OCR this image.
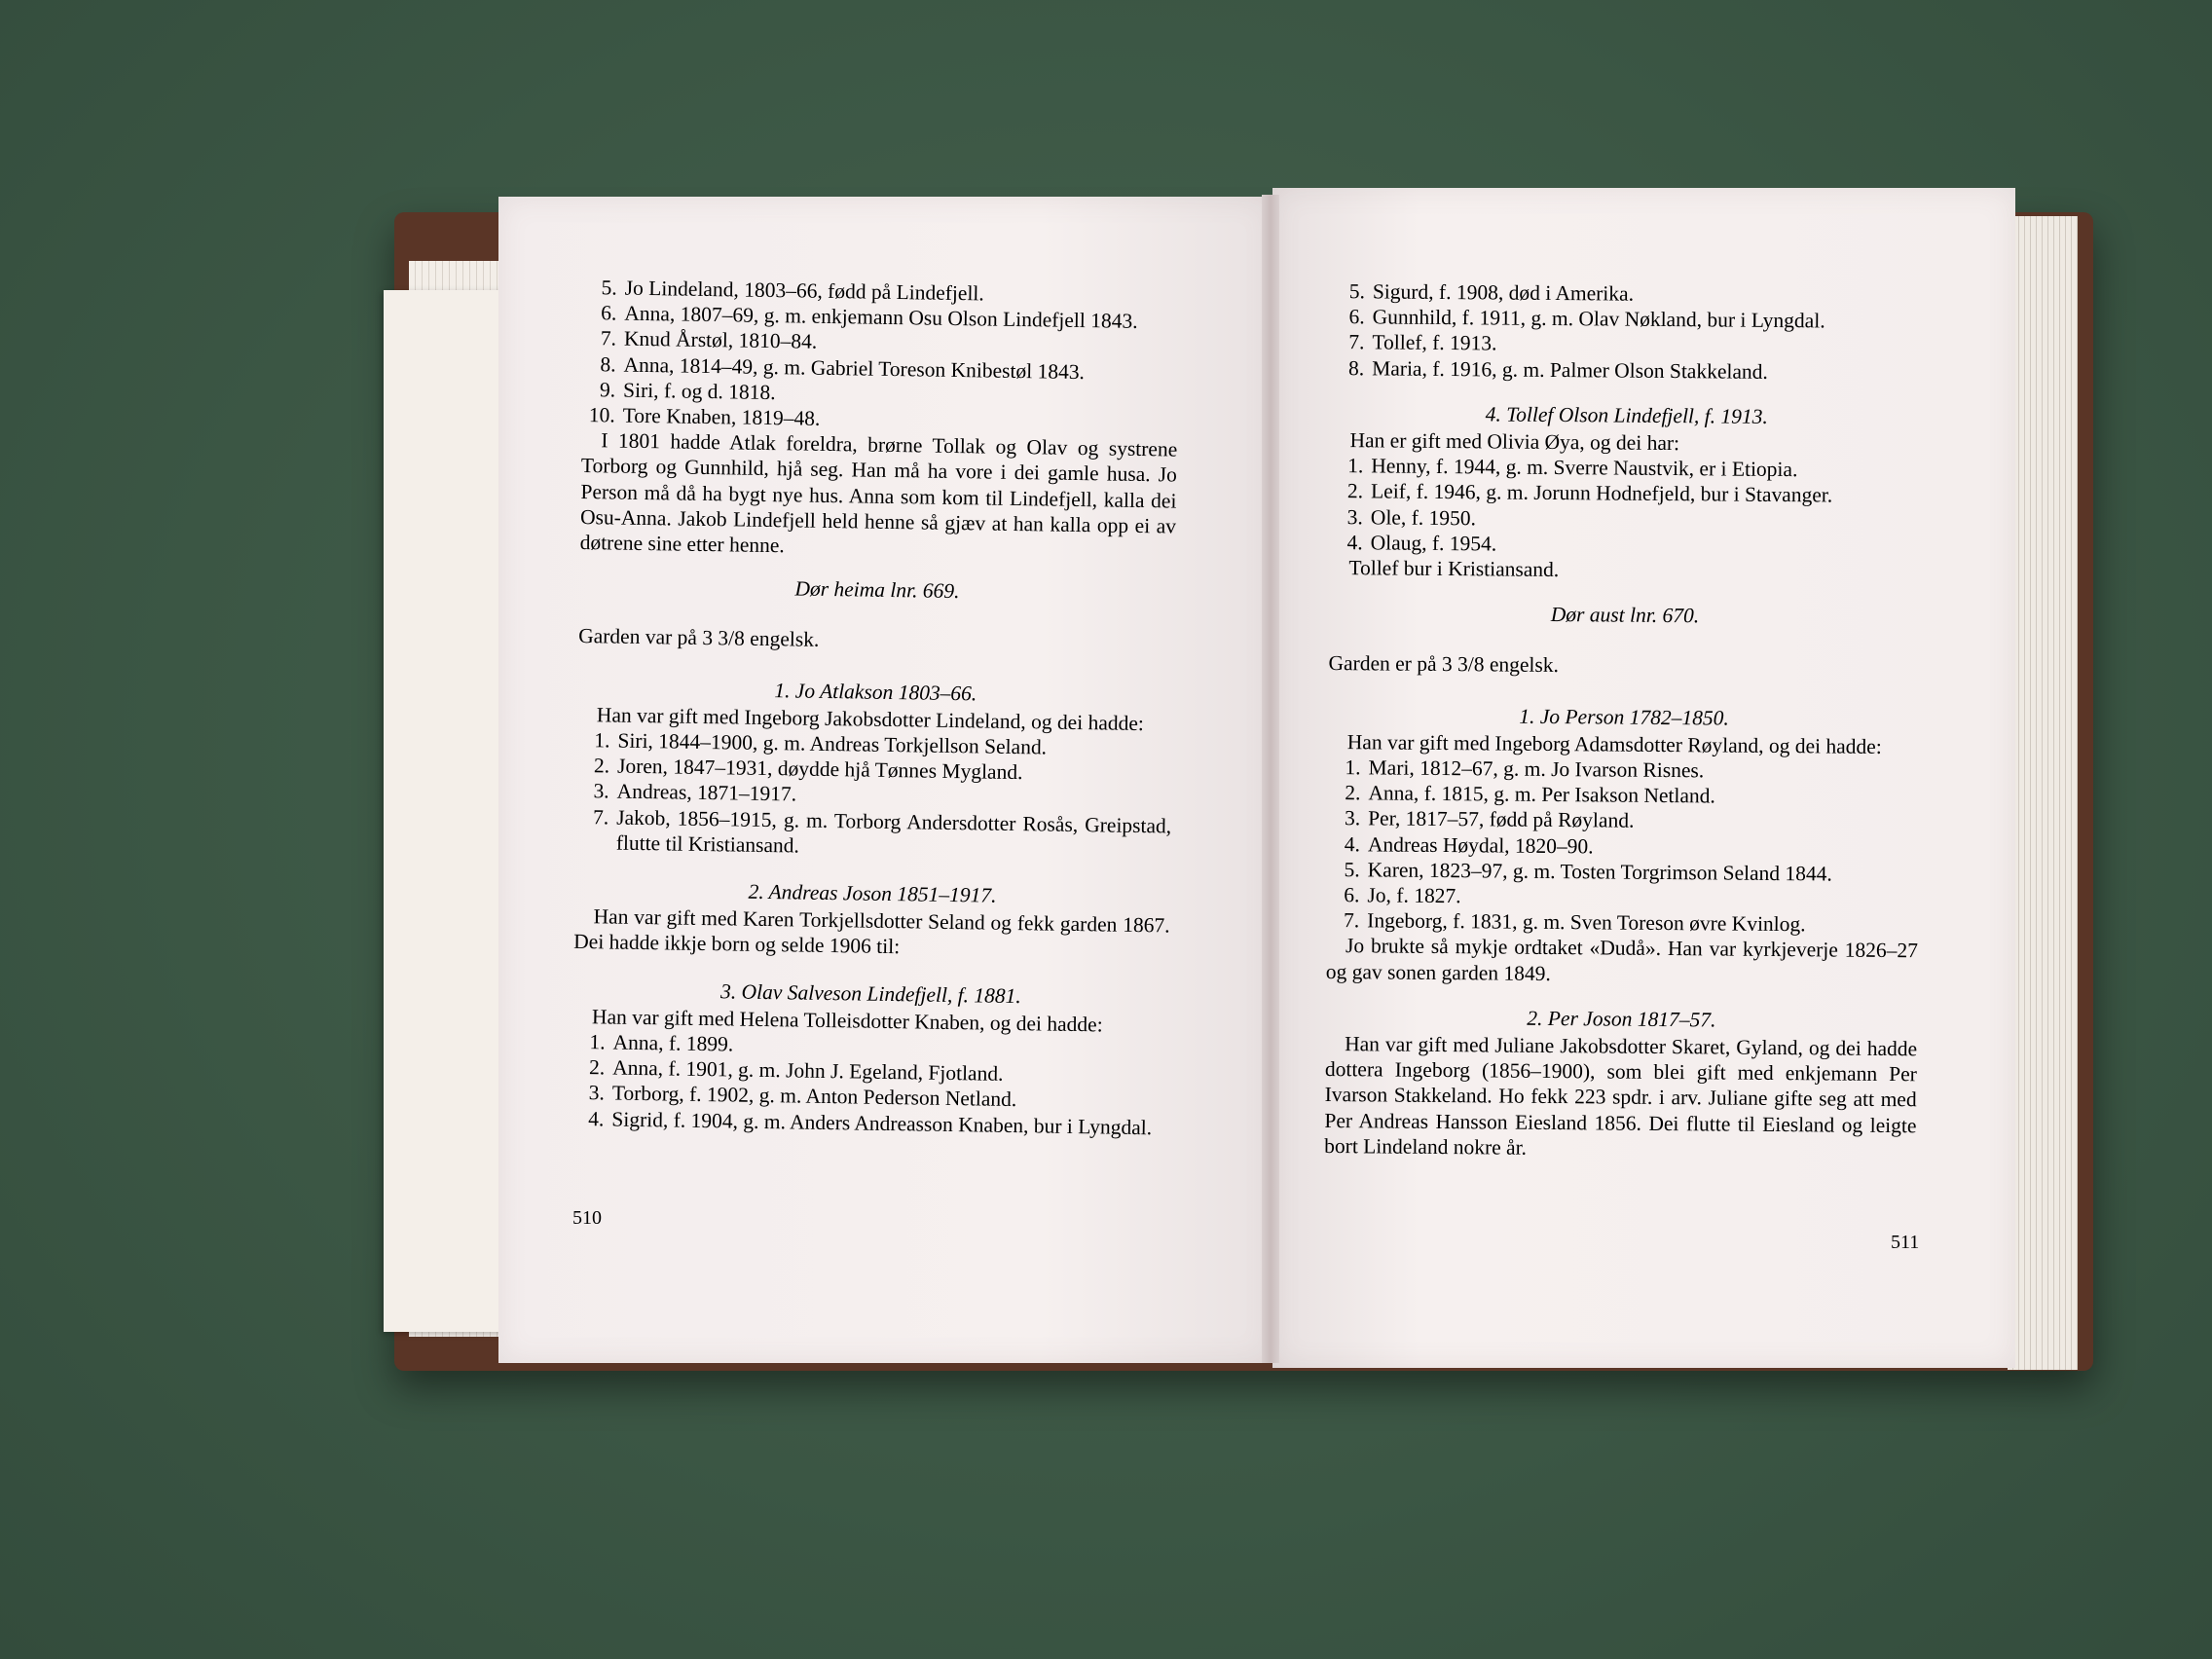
5. Jo Lindeland, 1803–66, fødd på Lindefjell.
6. Anna, 1807–69, g. m. enkjemann Osu Olson Lindefjell 1843.
7. Knud Årstøl, 1810–84.
8. Anna, 1814–49, g. m. Gabriel Toreson Knibestøl 1843.
9. Siri, f. og d. 1818.
10. Tore Knaben, 1819–48.
I 1801 hadde Atlak foreldra, brørne Tollak og Olav og systrene Torborg og Gunnhild, hjå seg. Han må ha vore i dei gamle husa. Jo Person må då ha bygt nye hus. Anna som kom til Lindefjell, kalla dei Osu-Anna. Jakob Lindefjell held henne så gjæv at han kalla opp ei av døtrene sine etter henne.
Dør heima lnr. 669.
Garden var på 3 3/8 engelsk.
1. Jo Atlakson 1803–66.
Han var gift med Ingeborg Jakobsdotter Lindeland, og dei hadde:
1. Siri, 1844–1900, g. m. Andreas Torkjellson Seland.
2. Joren, 1847–1931, døydde hjå Tønnes Mygland.
3. Andreas, 1871–1917.
7. Jakob, 1856–1915, g. m. Torborg Andersdotter Rosås, Greipstad, flutte til Kristiansand.
2. Andreas Joson 1851–1917.
Han var gift med Karen Torkjellsdotter Seland og fekk garden 1867. Dei hadde ikkje born og selde 1906 til:
3. Olav Salveson Lindefjell, f. 1881.
Han var gift med Helena Tolleisdotter Knaben, og dei hadde:
1. Anna, f. 1899.
2. Anna, f. 1901, g. m. John J. Egeland, Fjotland.
3. Torborg, f. 1902, g. m. Anton Pederson Netland.
4. Sigrid, f. 1904, g. m. Anders Andreasson Knaben, bur i Lyngdal.
510
5. Sigurd, f. 1908, død i Amerika.
6. Gunnhild, f. 1911, g. m. Olav Nøkland, bur i Lyngdal.
7. Tollef, f. 1913.
8. Maria, f. 1916, g. m. Palmer Olson Stakkeland.
4. Tollef Olson Lindefjell, f. 1913.
Han er gift med Olivia Øya, og dei har:
1. Henny, f. 1944, g. m. Sverre Naustvik, er i Etiopia.
2. Leif, f. 1946, g. m. Jorunn Hodnefjeld, bur i Stavanger.
3. Ole, f. 1950.
4. Olaug, f. 1954.
Tollef bur i Kristiansand.
Dør aust lnr. 670.
Garden er på 3 3/8 engelsk.
1. Jo Person 1782–1850.
Han var gift med Ingeborg Adamsdotter Røyland, og dei hadde:
1. Mari, 1812–67, g. m. Jo Ivarson Risnes.
2. Anna, f. 1815, g. m. Per Isakson Netland.
3. Per, 1817–57, fødd på Røyland.
4. Andreas Høydal, 1820–90.
5. Karen, 1823–97, g. m. Tosten Torgrimson Seland 1844.
6. Jo, f. 1827.
7. Ingeborg, f. 1831, g. m. Sven Toreson øvre Kvinlog.
Jo brukte så mykje ordtaket «Dudå». Han var kyrkjeverje 1826–27 og gav sonen garden 1849.
2. Per Joson 1817–57.
Han var gift med Juliane Jakobsdotter Skaret, Gyland, og dei hadde dottera Ingeborg (1856–1900), som blei gift med enkjemann Per Ivarson Stakkeland. Ho fekk 223 spdr. i arv. Juliane gifte seg att med Per Andreas Hansson Eiesland 1856. Dei flutte til Eiesland og leigte bort Lindeland nokre år.
511
